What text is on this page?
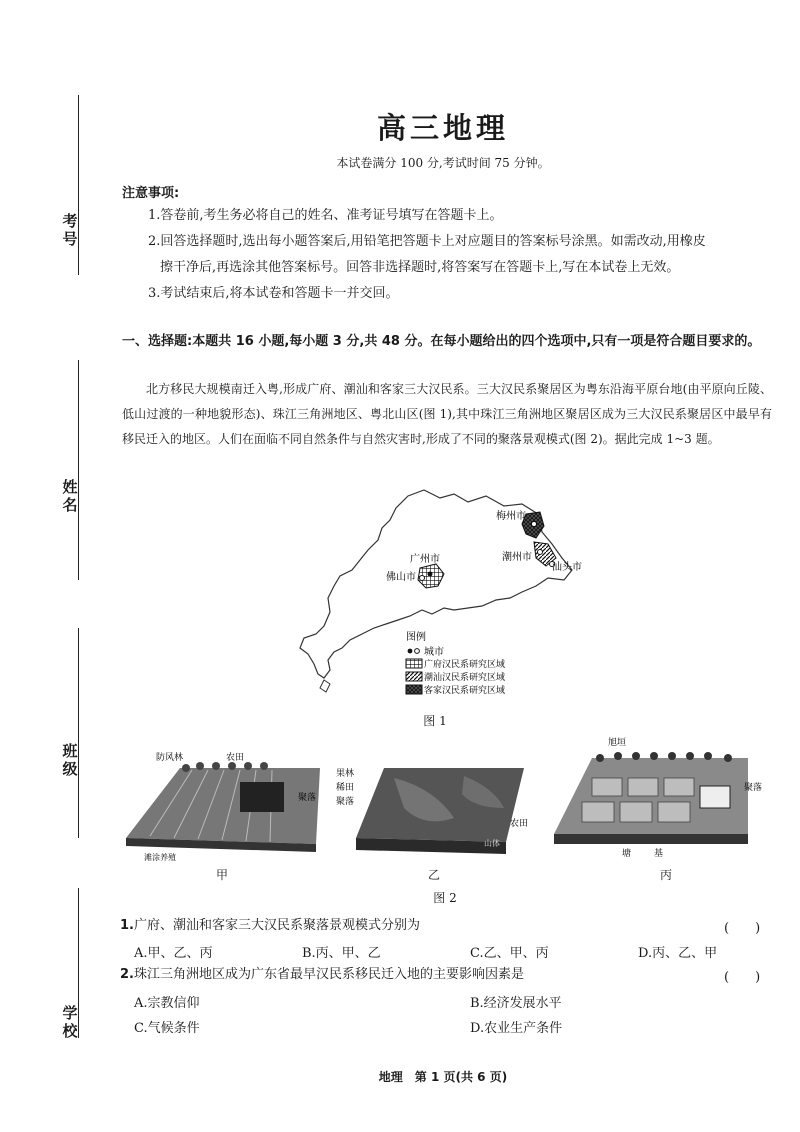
考号
姓名
班级
学校
高三地理
本试卷满分 100 分,考试时间 75 分钟。
注意事项:
1.答卷前,考生务必将自己的姓名、准考证号填写在答题卡上。
2.回答选择题时,选出每小题答案后,用铅笔把答题卡上对应题目的答案标号涂黑。如需改动,用橡皮
擦干净后,再选涂其他答案标号。回答非选择题时,将答案写在答题卡上,写在本试卷上无效。
3.考试结束后,将本试卷和答题卡一并交回。
一、选择题:本题共 16 小题,每小题 3 分,共 48 分。在每小题给出的四个选项中,只有一项是符合题目要求的。

北方移民大规模南迁入粤,形成广府、潮汕和客家三大汉民系。三大汉民系聚居区为粤东沿海平原台地(由平原向丘陵、低山过渡的一种地貌形态)、珠江三角洲地区、粤北山区(图 1),其中珠江三角洲地区聚居区成为三大汉民系聚居区中最早有移民迁入的地区。人们在面临不同自然条件与自然灾害时,形成了不同的聚落景观模式(图 2)。据此完成 1~3 题。

广州市
佛山市
梅州市
潮州市
汕头市
图例
城市
广府汉民系研究区域
潮汕汉民系研究区域
客家汉民系研究区域
图 1
防风林	农田
聚落
滩涂养殖
甲
果林
稀田
聚落
农田
山体
乙
旭垣
聚落
塘	基
丙
图 2
1.广府、潮汕和客家三大汉民系聚落景观模式分别为	(　　)
A.甲、乙、丙	B.丙、甲、乙	C.乙、甲、丙	D.丙、乙、甲
2.珠江三角洲地区成为广东省最早汉民系移民迁入地的主要影响因素是	(　　)
A.宗教信仰	B.经济发展水平
C.气候条件	D.农业生产条件
地理　第 1 页(共 6 页)
